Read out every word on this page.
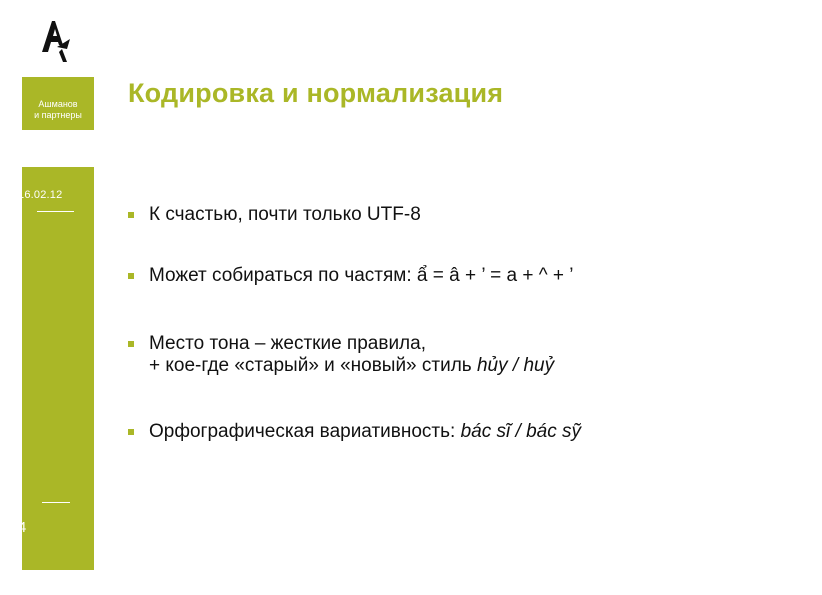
Ашманов
и партнеры
16.02.12
4
Кодировка и нормализация
К счастью, почти только UTF-8
Может собираться по частям: ẩ = â + ’ = a + ^ + ’
Место тона – жесткие правила,
+ кое-где «старый» и «новый» стиль hủy / huỷ
Орфографическая вариативность: bác sĩ / bác sỹ
